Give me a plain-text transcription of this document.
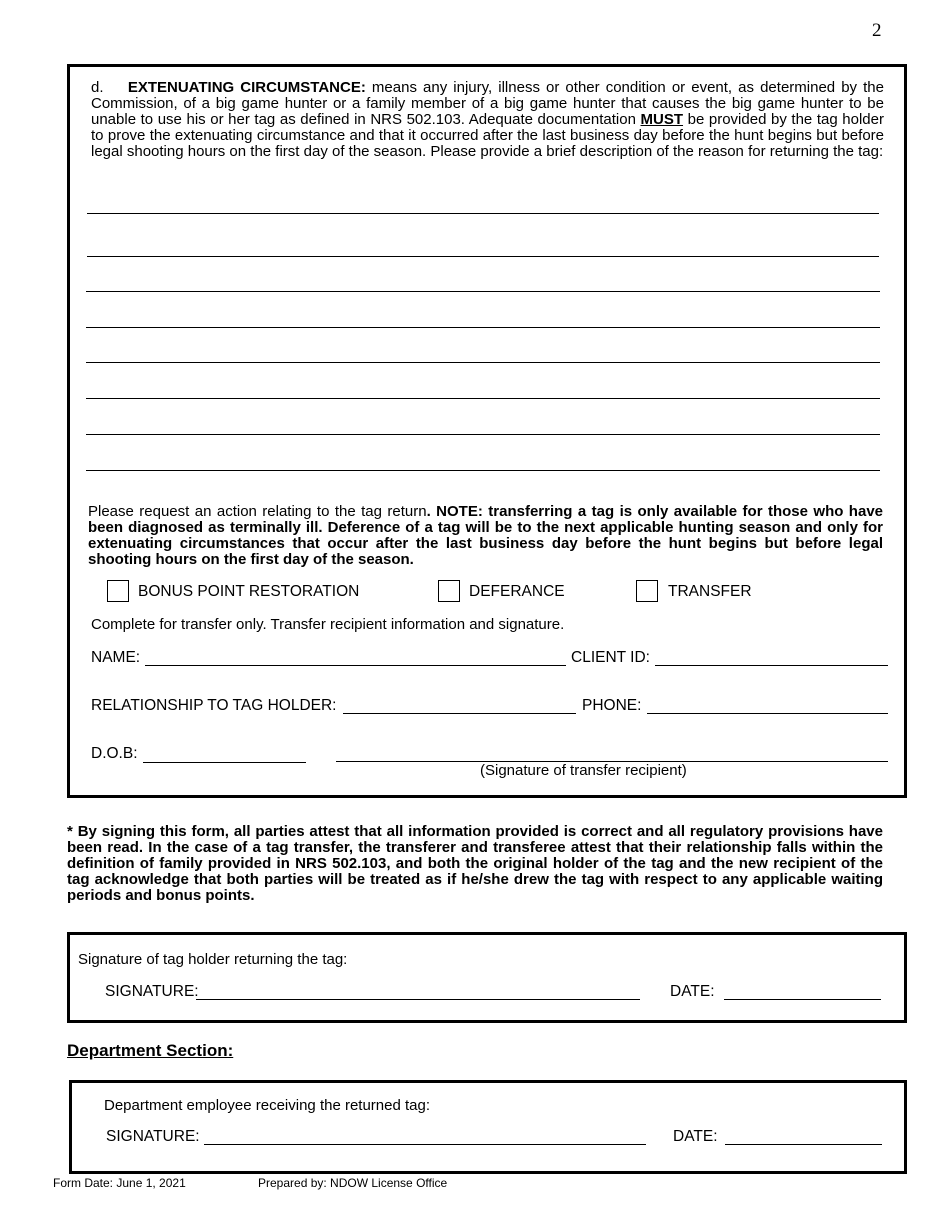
2
d. EXTENUATING CIRCUMSTANCE: means any injury, illness or other condition or event, as determined by the Commission, of a big game hunter or a family member of a big game hunter that causes the big game hunter to be unable to use his or her tag as defined in NRS 502.103. Adequate documentation MUST be provided by the tag holder to prove the extenuating circumstance and that it occurred after the last business day before the hunt begins but before legal shooting hours on the first day of the season. Please provide a brief description of the reason for returning the tag:
Please request an action relating to the tag return. NOTE: transferring a tag is only available for those who have been diagnosed as terminally ill. Deference of a tag will be to the next applicable hunting season and only for extenuating circumstances that occur after the last business day before the hunt begins but before legal shooting hours on the first day of the season.
BONUS POINT RESTORATION	DEFERANCE	TRANSFER
Complete for transfer only. Transfer recipient information and signature.
NAME:	CLIENT ID:
RELATIONSHIP TO TAG HOLDER:	PHONE:
D.O.B:
(Signature of transfer recipient)
* By signing this form, all parties attest that all information provided is correct and all regulatory provisions have been read. In the case of a tag transfer, the transferer and transferee attest that their relationship falls within the definition of family provided in NRS 502.103, and both the original holder of the tag and the new recipient of the tag acknowledge that both parties will be treated as if he/she drew the tag with respect to any applicable waiting periods and bonus points.
Signature of tag holder returning the tag:
SIGNATURE:	DATE:
Department Section:
Department employee receiving the returned tag:
SIGNATURE:	DATE:
Form Date: June 1, 2021	Prepared by: NDOW License Office
